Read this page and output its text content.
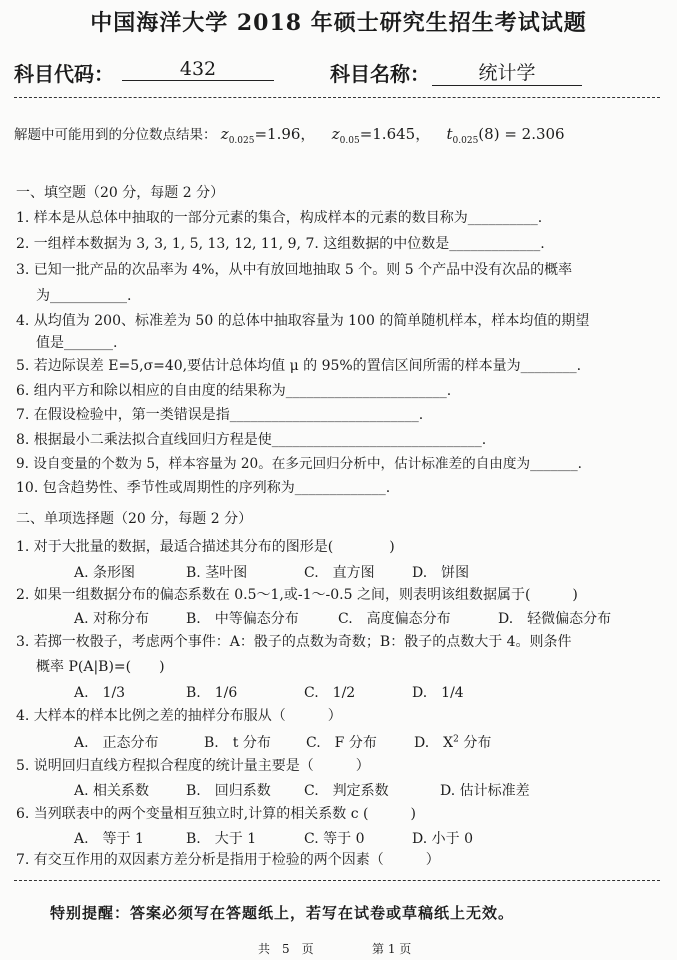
中国海洋大学 2018 年硕士研究生招生考试试题
科目代码：	432	科目名称：	统计学
解题中可能用到的分位数点结果： $z_{0.025}=1.96$， $z_{0.05}=1.645$， $t_{0.025}(8) = 2.306$
一、填空题（20 分，每题 2 分）
1. 样本是从总体中抽取的一部分元素的集合，构成样本的元素的数目称为__________.
2. 一组样本数据为 3, 3, 1, 5, 13, 12, 11, 9, 7. 这组数据的中位数是_____________.
3. 已知一批产品的次品率为 4%，从中有放回地抽取 5 个。则 5 个产品中没有次品的概率
为___________.
4. 从均值为 200、标准差为 50 的总体中抽取容量为 100 的简单随机样本，样本均值的期望
值是_______.
5. 若边际误差 E=5,σ=40,要估计总体均值 μ 的 95%的置信区间所需的样本量为________.
6. 组内平方和除以相应的自由度的结果称为_______________________.
7. 在假设检验中，第一类错误是指___________________________.
8. 根据最小二乘法拟合直线回归方程是使______________________________.
9. 设自变量的个数为 5，样本容量为 20。在多元回归分析中，估计标准差的自由度为_______.
10. 包含趋势性、季节性或周期性的序列称为_____________.
二、单项选择题（20 分，每题 2 分）
1. 对于大批量的数据，最适合描述其分布的图形是(　　　　)
A. 条形图	B. 茎叶图	C.　直方图	D.　饼图
2. 如果一组数据分布的偏态系数在 0.5～1,或-1～-0.5 之间，则表明该组数据属于(　　　)
A. 对称分布	B.　中等偏态分布	C.　高度偏态分布	D.　轻微偏态分布
3. 若掷一枚骰子，考虑两个事件：A：骰子的点数为奇数；B：骰子的点数大于 4。则条件
概率 P(A|B)=(　　)
A.　1/3	B.　1/6	C.　1/2	D.　1/4
4. 大样本的样本比例之差的抽样分布服从（　　　）
A.　正态分布	B.　t 分布	C.　F 分布	D.　$X^2$ 分布
5. 说明回归直线方程拟合程度的统计量主要是（　　　）
A. 相关系数	B.　回归系数 C.　判定系数	D. 估计标准差
6. 当列联表中的两个变量相互独立时,计算的相关系数 c (　　　)
A.　等于 1	B.　大于 1	C. 等于 0	D. 小于 0
7. 有交互作用的双因素方差分析是指用于检验的两个因素（　　　）
特别提醒：答案必须写在答题纸上，若写在试卷或草稿纸上无效。
共　5　页	第 1 页
